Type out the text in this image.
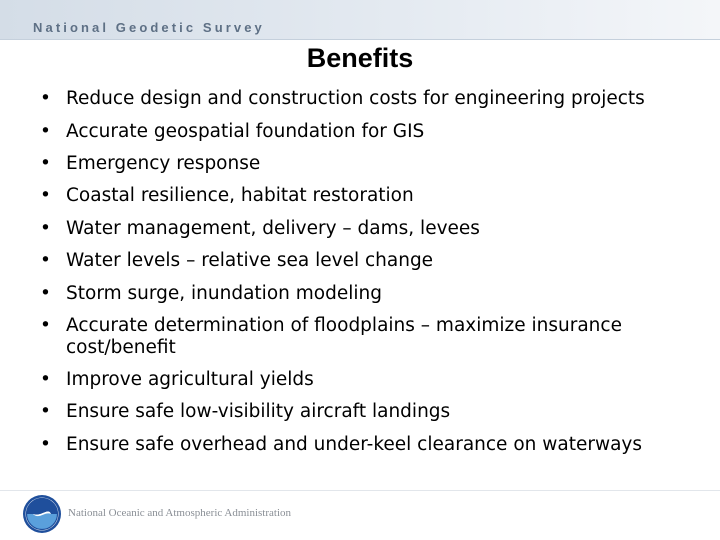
National Geodetic Survey
Benefits
• Reduce design and construction costs for engineering projects
• Accurate geospatial foundation for GIS
• Emergency response
• Coastal resilience, habitat restoration
• Water management, delivery – dams, levees
• Water levels – relative sea level change
• Storm surge, inundation modeling
• Accurate determination of floodplains – maximize insurance cost/benefit
• Improve agricultural yields
• Ensure safe low-visibility aircraft landings
• Ensure safe overhead and under-keel clearance on waterways
National Oceanic and Atmospheric Administration
